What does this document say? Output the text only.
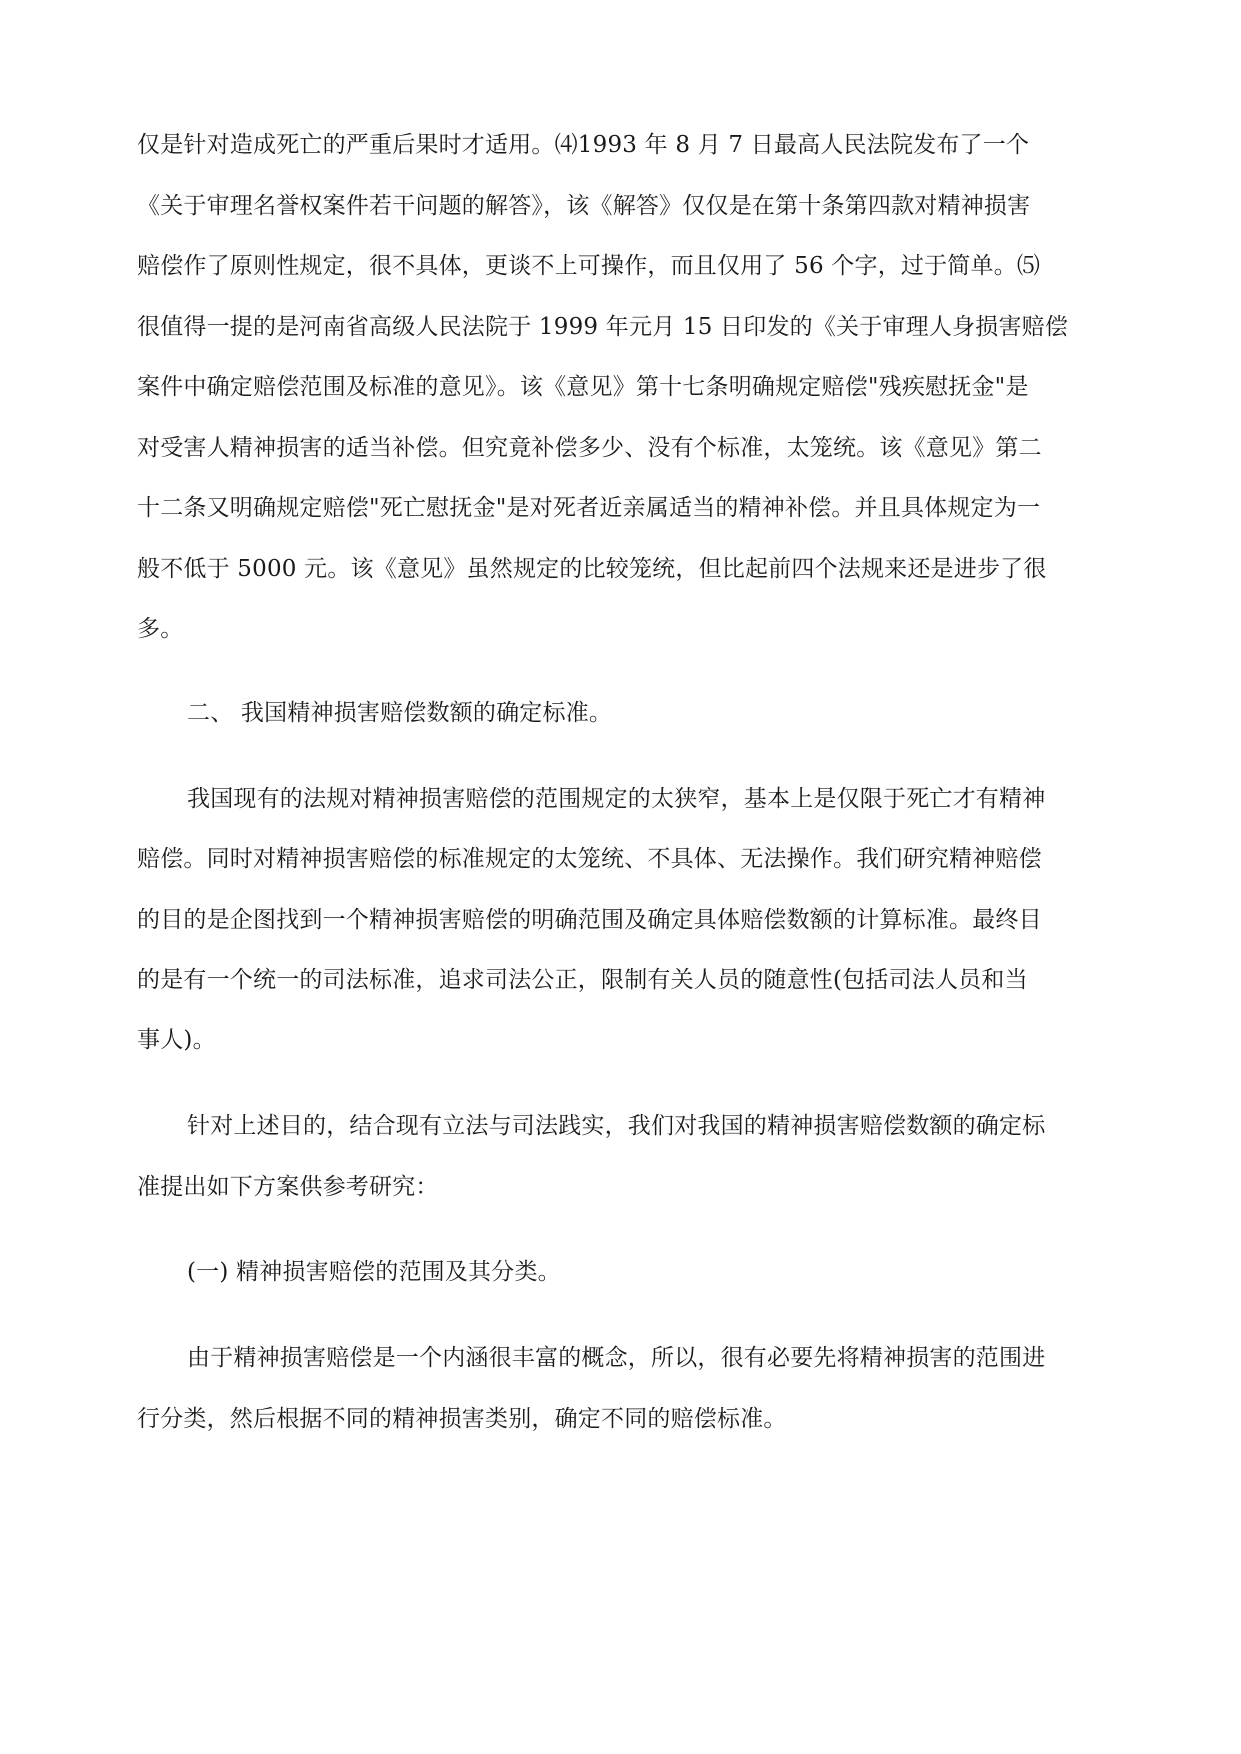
仅是针对造成死亡的严重后果时才适用。⑷1993 年 8 月 7 日最高人民法院发布了一个
《关于审理名誉权案件若干问题的解答》，该《解答》仅仅是在第十条第四款对精神损害
赔偿作了原则性规定，很不具体，更谈不上可操作，而且仅用了 56 个字，过于简单。⑸
很值得一提的是河南省高级人民法院于 1999 年元月 15 日印发的《关于审理人身损害赔偿
案件中确定赔偿范围及标准的意见》。该《意见》第十七条明确规定赔偿"残疾慰抚金"是
对受害人精神损害的适当补偿。但究竟补偿多少、没有个标准，太笼统。该《意见》第二
十二条又明确规定赔偿"死亡慰抚金"是对死者近亲属适当的精神补偿。并且具体规定为一
般不低于 5000 元。该《意见》虽然规定的比较笼统，但比起前四个法规来还是进步了很
多。
二、 我国精神损害赔偿数额的确定标准。
我国现有的法规对精神损害赔偿的范围规定的太狭窄，基本上是仅限于死亡才有精神
赔偿。同时对精神损害赔偿的标准规定的太笼统、不具体、无法操作。我们研究精神赔偿
的目的是企图找到一个精神损害赔偿的明确范围及确定具体赔偿数额的计算标准。最终目
的是有一个统一的司法标准，追求司法公正，限制有关人员的随意性(包括司法人员和当
事人)。
针对上述目的，结合现有立法与司法践实，我们对我国的精神损害赔偿数额的确定标
准提出如下方案供参考研究：
(一) 精神损害赔偿的范围及其分类。
由于精神损害赔偿是一个内涵很丰富的概念，所以，很有必要先将精神损害的范围进
行分类，然后根据不同的精神损害类别，确定不同的赔偿标准。
